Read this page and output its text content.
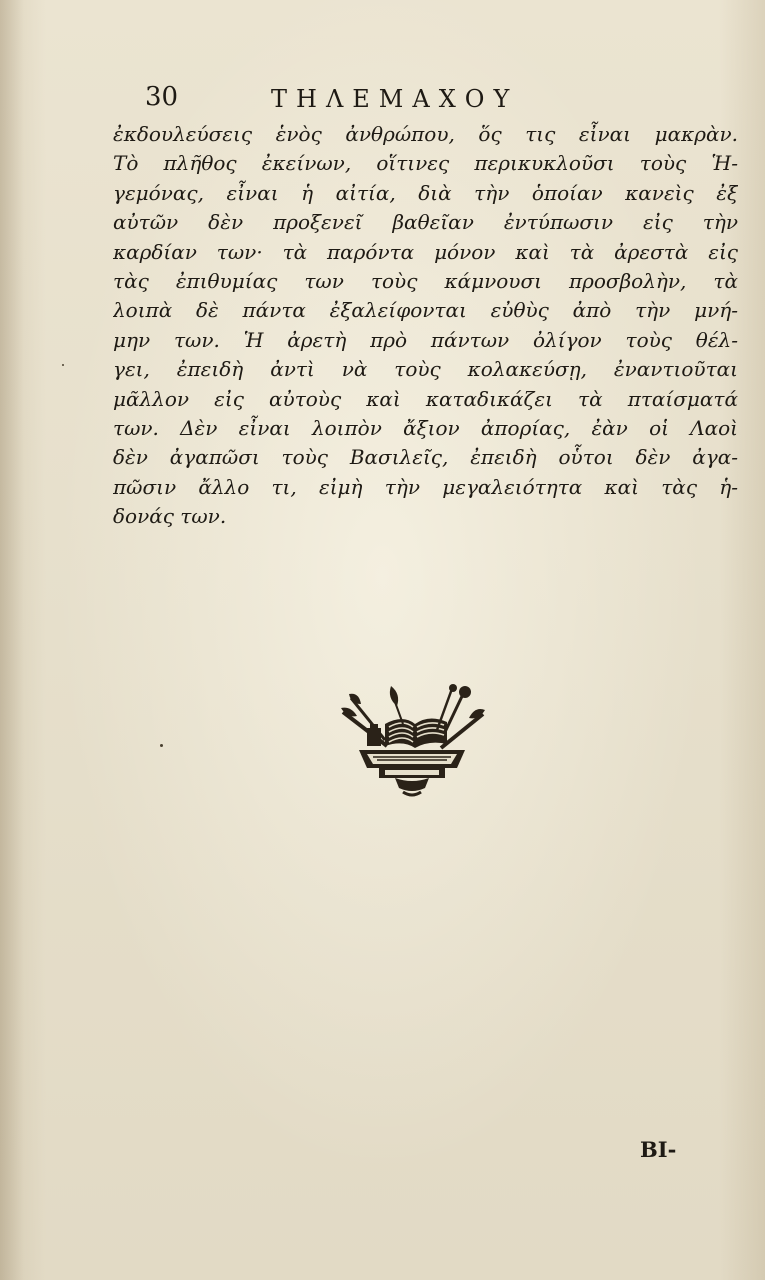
30	ΤΗΛΕΜΑΧΟΥ
ἐκδουλεύσεις ἑνὸς ἀνθρώπου, ὅς τις εἶναι μακρὰν.
Τὸ πλῆθος ἐκείνων, οἵτινες περικυκλοῦσι τοὺς Ἡ-
γεμόνας, εἶναι ἡ αἰτία, διὰ τὴν ὁποίαν κανεὶς ἐξ
αὐτῶν δὲν προξενεῖ βαθεῖαν ἐντύπωσιν εἰς τὴν
καρδίαν των· τὰ παρόντα μόνον καὶ τὰ ἀρεστὰ εἰς
τὰς ἐπιθυμίας των τοὺς κάμνουσι προσβολὴν, τὰ
λοιπὰ δὲ πάντα ἐξαλείφονται εὐθὺς ἀπὸ τὴν μνή-
μην των. Ἡ ἀρετὴ πρὸ πάντων ὀλίγον τοὺς θέλ-
γει, ἐπειδὴ ἀντὶ νὰ τοὺς κολακεύσῃ, ἐναντιοῦται
μᾶλλον εἰς αὐτοὺς καὶ καταδικάζει τὰ πταίσματά
των. Δὲν εἶναι λοιπὸν ἄξιον ἀπορίας, ἐὰν οἱ Λαοὶ
δὲν ἀγαπῶσι τοὺς Βασιλεῖς, ἐπειδὴ οὗτοι δὲν ἀγα-
πῶσιν ἄλλο τι, εἰμὴ τὴν μεγαλειότητα καὶ τὰς ἡ-
δονάς των.
ΒΙ-
